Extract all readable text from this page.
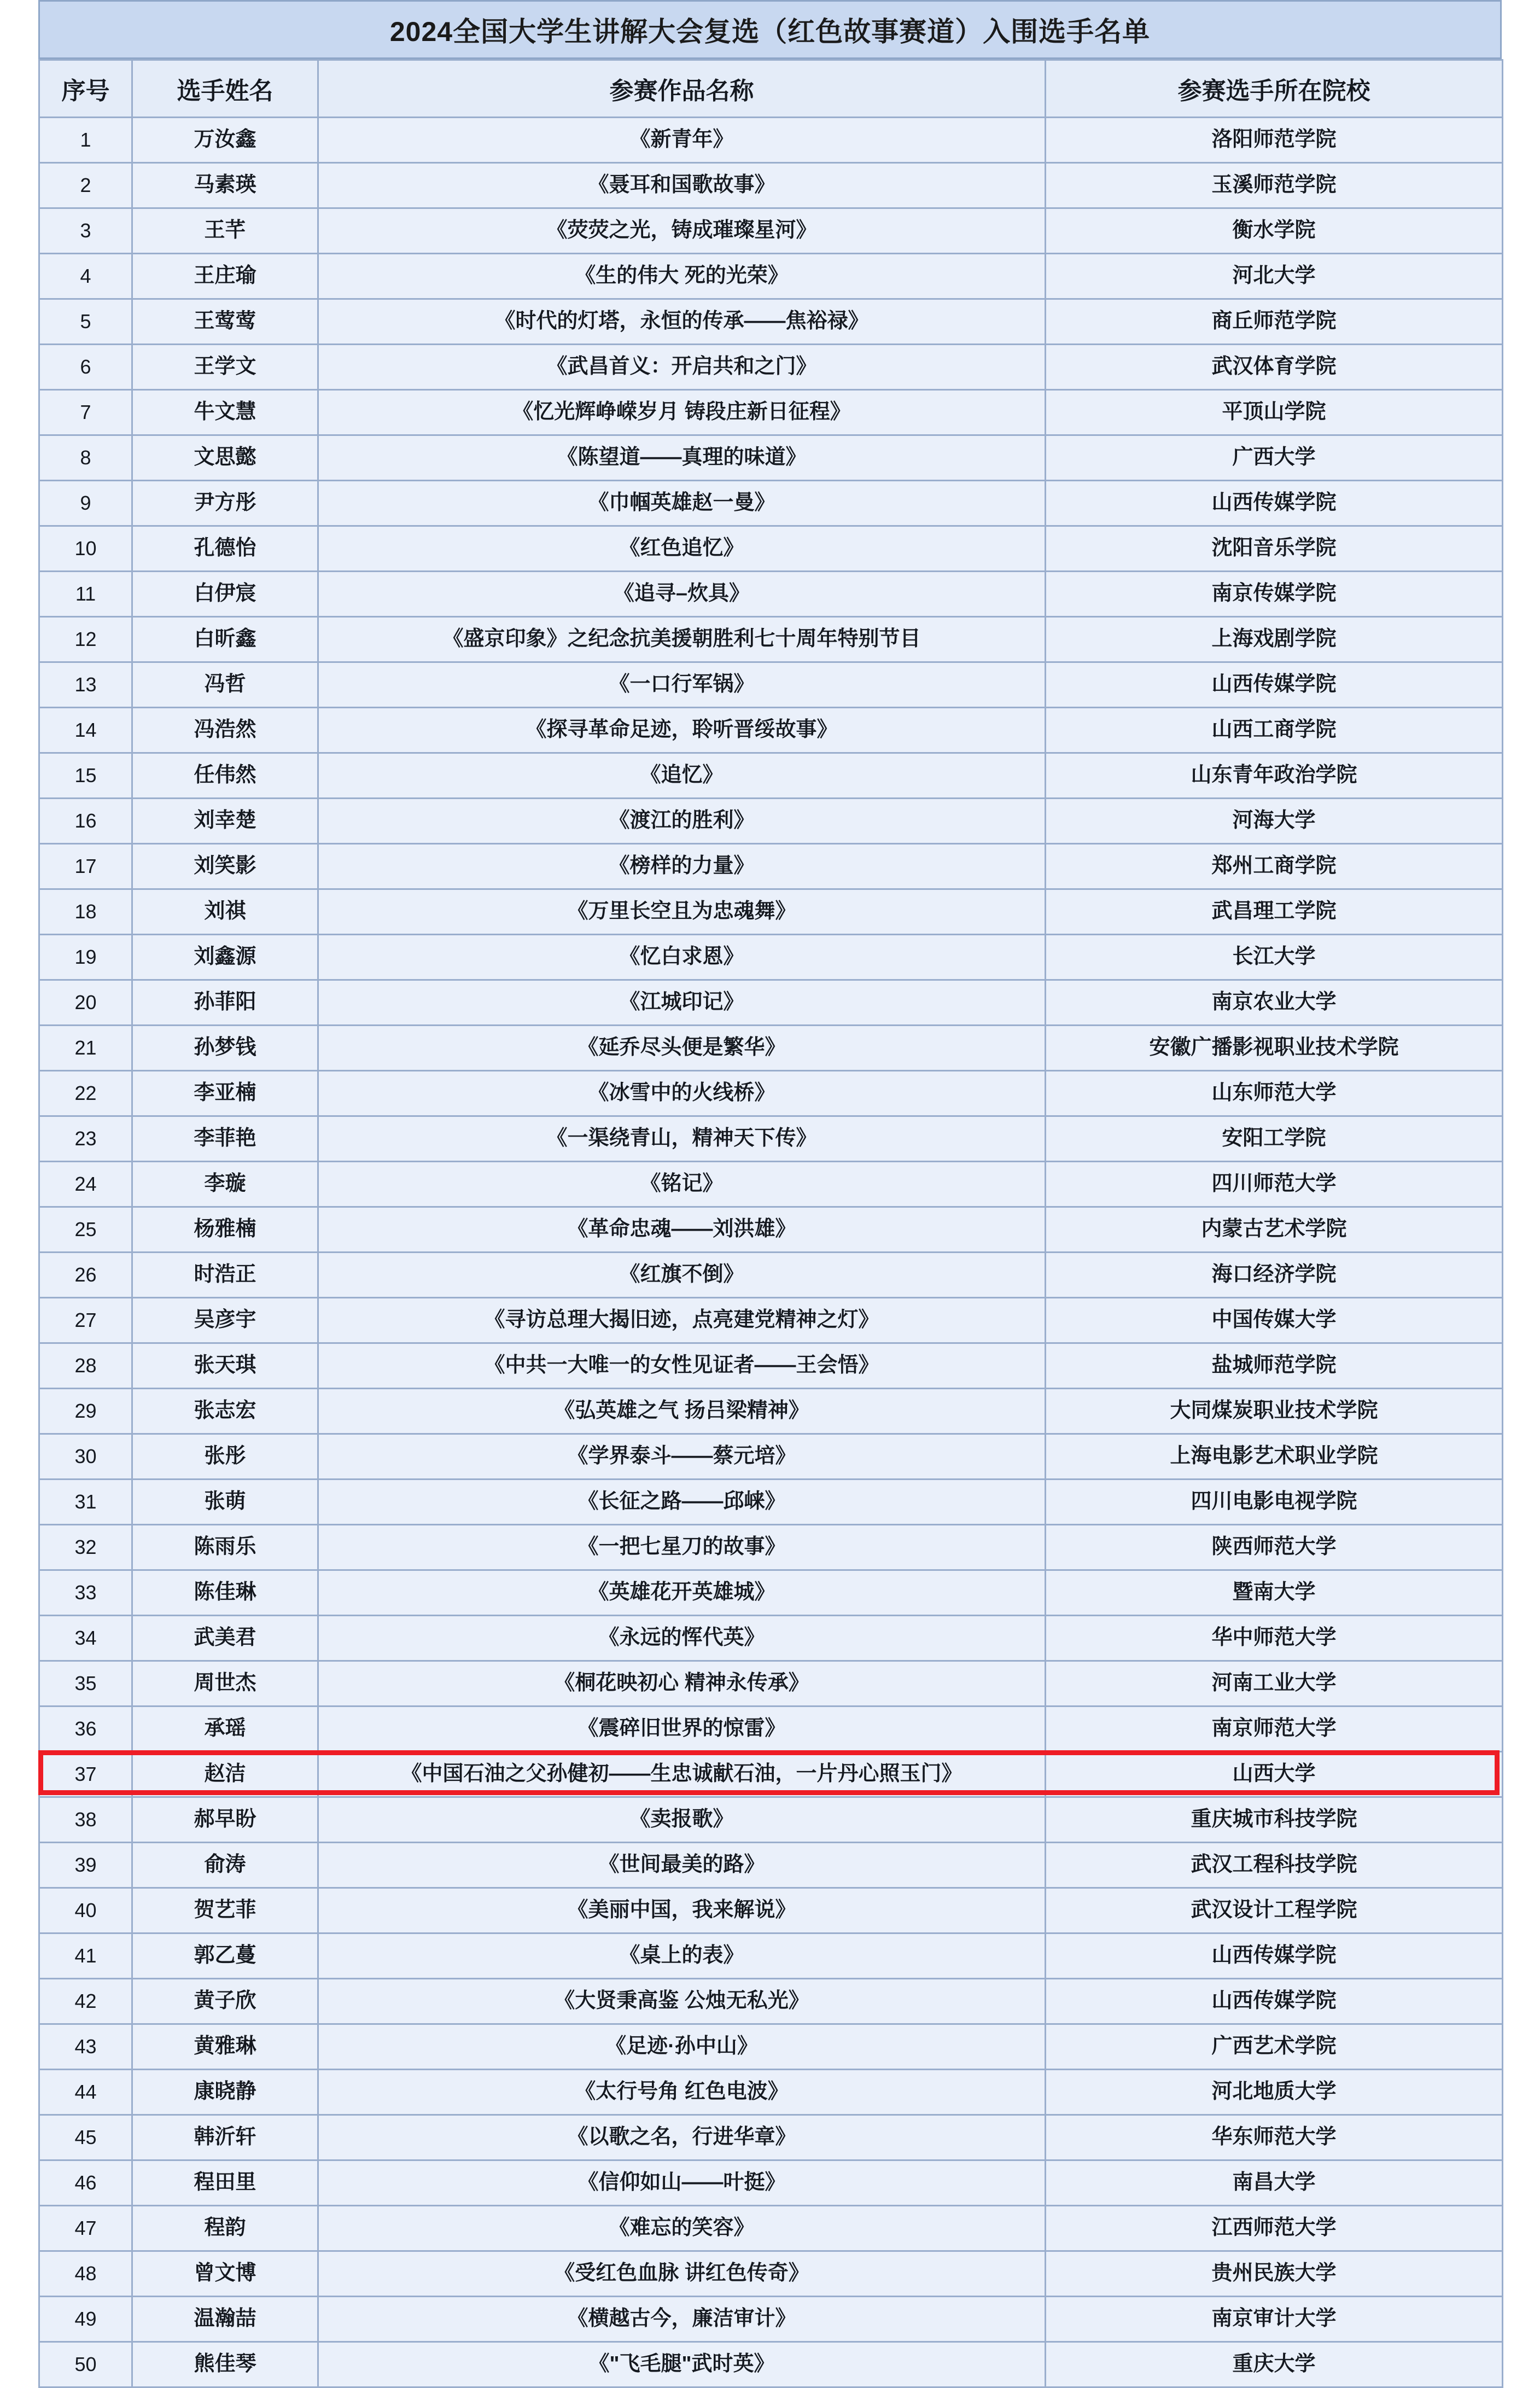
2024全国大学生讲解大会复选（红色故事赛道）入围选手名单
序号	选手姓名	参赛作品名称	参赛选手所在院校
1	万汝鑫	《新青年》	洛阳师范学院
2	马素瑛	《聂耳和国歌故事》	玉溪师范学院
3	王芊	《荧荧之光，铸成璀璨星河》	衡水学院
4	王庄瑜	《生的伟大 死的光荣》	河北大学
5	王莺莺	《时代的灯塔，永恒的传承——焦裕禄》	商丘师范学院
6	王学文	《武昌首义：开启共和之门》	武汉体育学院
7	牛文慧	《忆光辉峥嵘岁月 铸段庄新日征程》	平顶山学院
8	文思懿	《陈望道——真理的味道》	广西大学
9	尹方彤	《巾帼英雄赵一曼》	山西传媒学院
10	孔德怡	《红色追忆》	沈阳音乐学院
11	白伊宸	《追寻–炊具》	南京传媒学院
12	白昕鑫	《盛京印象》之纪念抗美援朝胜利七十周年特别节目	上海戏剧学院
13	冯哲	《一口行军锅》	山西传媒学院
14	冯浩然	《探寻革命足迹，聆听晋绥故事》	山西工商学院
15	任伟然	《追忆》	山东青年政治学院
16	刘幸楚	《渡江的胜利》	河海大学
17	刘笑影	《榜样的力量》	郑州工商学院
18	刘祺	《万里长空且为忠魂舞》	武昌理工学院
19	刘鑫源	《忆白求恩》	长江大学
20	孙菲阳	《江城印记》	南京农业大学
21	孙梦钱	《延乔尽头便是繁华》	安徽广播影视职业技术学院
22	李亚楠	《冰雪中的火线桥》	山东师范大学
23	李菲艳	《一渠绕青山，精神天下传》	安阳工学院
24	李璇	《铭记》	四川师范大学
25	杨雅楠	《革命忠魂——刘洪雄》	内蒙古艺术学院
26	时浩正	《红旗不倒》	海口经济学院
27	吴彦宇	《寻访总理大揭旧迹，点亮建党精神之灯》	中国传媒大学
28	张天琪	《中共一大唯一的女性见证者——王会悟》	盐城师范学院
29	张志宏	《弘英雄之气 扬吕梁精神》	大同煤炭职业技术学院
30	张彤	《学界泰斗——蔡元培》	上海电影艺术职业学院
31	张萌	《长征之路——邱崃》	四川电影电视学院
32	陈雨乐	《一把七星刀的故事》	陕西师范大学
33	陈佳琳	《英雄花开英雄城》	暨南大学
34	武美君	《永远的恽代英》	华中师范大学
35	周世杰	《桐花映初心 精神永传承》	河南工业大学
36	承瑶	《震碎旧世界的惊雷》	南京师范大学
37	赵洁	《中国石油之父孙健初——生忠诚献石油，一片丹心照玉门》	山西大学
38	郝早盼	《卖报歌》	重庆城市科技学院
39	俞涛	《世间最美的路》	武汉工程科技学院
40	贺艺菲	《美丽中国，我来解说》	武汉设计工程学院
41	郭乙蔓	《桌上的表》	山西传媒学院
42	黄子欣	《大贤秉高鉴 公烛无私光》	山西传媒学院
43	黄雅琳	《足迹·孙中山》	广西艺术学院
44	康晓静	《太行号角 红色电波》	河北地质大学
45	韩沂轩	《以歌之名，行进华章》	华东师范大学
46	程田里	《信仰如山——叶挺》	南昌大学
47	程韵	《难忘的笑容》	江西师范大学
48	曾文博	《受红色血脉 讲红色传奇》	贵州民族大学
49	温瀚喆	《横越古今，廉洁审计》	南京审计大学
50	熊佳琴	《"飞毛腿"武时英》	重庆大学
